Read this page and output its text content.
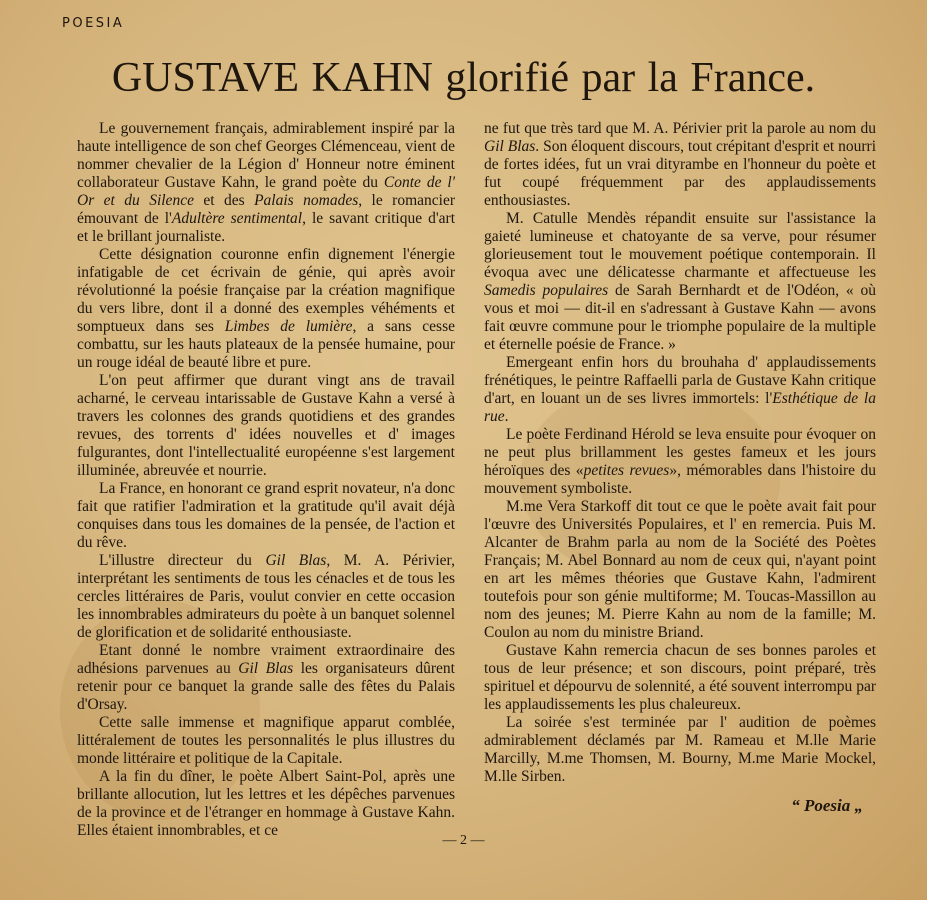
POESIA
GUSTAVE KAHN glorifié par la France.

Le gouvernement français, admirablement inspiré par la haute intelligence de son chef Georges Clémenceau, vient de nommer chevalier de la Légion d' Honneur notre éminent collaborateur Gustave Kahn, le grand poète du Conte de l' Or et du Silence et des Palais nomades, le romancier émouvant de l'Adultère sentimental, le savant critique d'art et le brillant journaliste.

Cette désignation couronne enfin dignement l'énergie infatigable de cet écrivain de génie, qui après avoir révolutionné la poésie française par la création magnifique du vers libre, dont il a donné des exemples véhéments et somptueux dans ses Limbes de lumière, a sans cesse combattu, sur les hauts plateaux de la pensée humaine, pour un rouge idéal de beauté libre et pure.

L'on peut affirmer que durant vingt ans de travail acharné, le cerveau intarissable de Gustave Kahn a versé à travers les colonnes des grands quotidiens et des grandes revues, des torrents d' idées nouvelles et d' images fulgurantes, dont l'intellectualité européenne s'est largement illuminée, abreuvée et nourrie.

La France, en honorant ce grand esprit novateur, n'a donc fait que ratifier l'admiration et la gratitude qu'il avait déjà conquises dans tous les domaines de la pensée, de l'action et du rêve.

L'illustre directeur du Gil Blas, M. A. Périvier, interprétant les sentiments de tous les cénacles et de tous les cercles littéraires de Paris, voulut convier en cette occasion les innombrables admirateurs du poète à un banquet solennel de glorification et de solidarité enthousiaste.

Etant donné le nombre vraiment extraordinaire des adhésions parvenues au Gil Blas les organisateurs dûrent retenir pour ce banquet la grande salle des fêtes du Palais d'Orsay.

Cette salle immense et magnifique apparut comblée, littéralement de toutes les personnalités le plus illustres du monde littéraire et politique de la Capitale.

A la fin du dîner, le poète Albert Saint-Pol, après une brillante allocution, lut les lettres et les dépêches parvenues de la province et de l'étranger en hommage à Gustave Kahn. Elles étaient innombrables, et ce

ne fut que très tard que M. A. Périvier prit la parole au nom du Gil Blas. Son éloquent discours, tout crépitant d'esprit et nourri de fortes idées, fut un vrai dityrambe en l'honneur du poète et fut coupé fréquemment par des applaudissements enthousiastes.

M. Catulle Mendès répandit ensuite sur l'assistance la gaieté lumineuse et chatoyante de sa verve, pour résumer glorieusement tout le mouvement poétique contemporain. Il évoqua avec une délicatesse charmante et affectueuse les Samedis populaires de Sarah Bernhardt et de l'Odéon, « où vous et moi — dit-il en s'adressant à Gustave Kahn — avons fait œuvre commune pour le triomphe populaire de la multiple et éternelle poésie de France. »

Emergeant enfin hors du brouhaha d' applaudissements frénétiques, le peintre Raffaelli parla de Gustave Kahn critique d'art, en louant un de ses livres immortels: l'Esthétique de la rue.

Le poète Ferdinand Hérold se leva ensuite pour évoquer on ne peut plus brillamment les gestes fameux et les jours héroïques des «petites revues», mémorables dans l'histoire du mouvement symboliste.

M.me Vera Starkoff dit tout ce que le poète avait fait pour l'œuvre des Universités Populaires, et l' en remercia. Puis M. Alcanter de Brahm parla au nom de la Société des Poètes Français; M. Abel Bonnard au nom de ceux qui, n'ayant point en art les mêmes théories que Gustave Kahn, l'admirent toutefois pour son génie multiforme; M. Toucas-Massillon au nom des jeunes; M. Pierre Kahn au nom de la famille; M. Coulon au nom du ministre Briand.

Gustave Kahn remercia chacun de ses bonnes paroles et tous de leur présence; et son discours, point préparé, très spirituel et dépourvu de solennité, a été souvent interrompu par les applaudissements les plus chaleureux.

La soirée s'est terminée par l' audition de poèmes admirablement déclamés par M. Rameau et M.lle Marie Marcilly, M.me Thomsen, M. Bourny, M.me Marie Mockel, M.lle Sirben.

“ Poesia „
— 2 —
